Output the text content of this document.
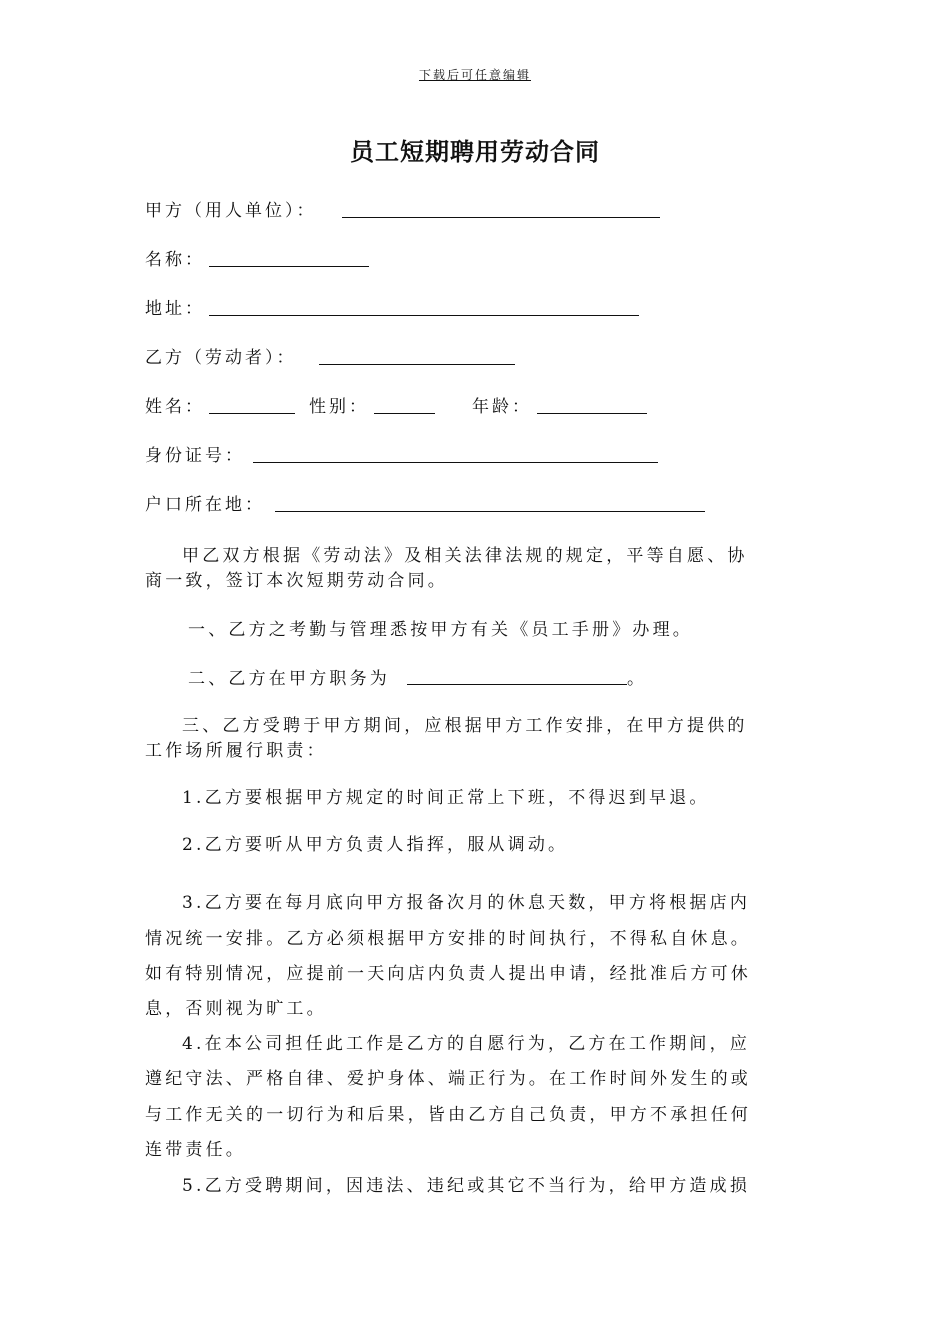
下载后可任意编辑
员工短期聘用劳动合同
甲方（用人单位）：
名称：
地址：
乙方（劳动者）：
姓名：	性别：	年龄：
身份证号：
户口所在地：
甲乙双方根据《劳动法》及相关法律法规的规定，平等自愿、协
商一致，签订本次短期劳动合同。
一、乙方之考勤与管理悉按甲方有关《员工手册》办理。
二、乙方在甲方职务为	。
三、乙方受聘于甲方期间，应根据甲方工作安排，在甲方提供的
工作场所履行职责：
1.乙方要根据甲方规定的时间正常上下班，不得迟到早退。
2.乙方要听从甲方负责人指挥，服从调动。
3.乙方要在每月底向甲方报备次月的休息天数，甲方将根据店内
情况统一安排。乙方必须根据甲方安排的时间执行，不得私自休息。
如有特别情况，应提前一天向店内负责人提出申请，经批准后方可休
息，否则视为旷工。
4.在本公司担任此工作是乙方的自愿行为，乙方在工作期间，应
遵纪守法、严格自律、爱护身体、端正行为。在工作时间外发生的或
与工作无关的一切行为和后果，皆由乙方自己负责，甲方不承担任何
连带责任。
5.乙方受聘期间，因违法、违纪或其它不当行为，给甲方造成损
